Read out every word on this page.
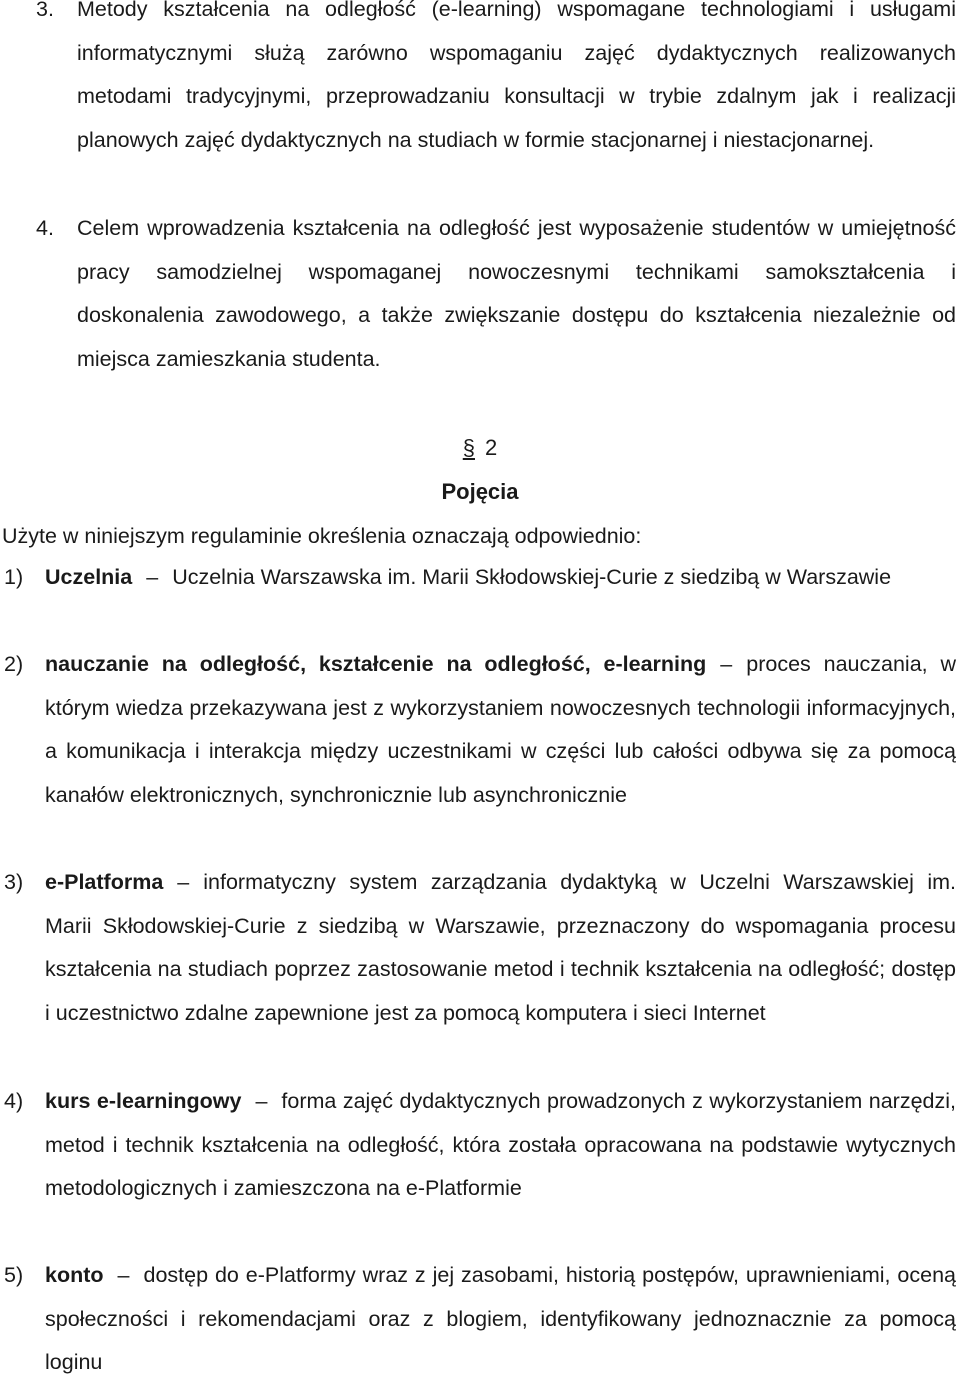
3. Metody kształcenia na odległość (e-learning) wspomagane technologiami i usługami informatycznymi służą zarówno wspomaganiu zajęć dydaktycznych realizowanych metodami tradycyjnymi, przeprowadzaniu konsultacji w trybie zdalnym jak i realizacji planowych zajęć dydaktycznych na studiach w formie stacjonarnej i niestacjonarnej.
4. Celem wprowadzenia kształcenia na odległość jest wyposażenie studentów w umiejętność pracy samodzielnej wspomaganej nowoczesnymi technikami samokształcenia i doskonalenia zawodowego, a także zwiększanie dostępu do kształcenia niezależnie od miejsca zamieszkania studenta.
§ 2
Pojęcia
Użyte w niniejszym regulaminie określenia oznaczają odpowiednio:
1) Uczelnia – Uczelnia Warszawska im. Marii Skłodowskiej-Curie z siedzibą w Warszawie
2) nauczanie na odległość, kształcenie na odległość, e-learning – proces nauczania, w którym wiedza przekazywana jest z wykorzystaniem nowoczesnych technologii informacyjnych, a komunikacja i interakcja między uczestnikami w części lub całości odbywa się za pomocą kanałów elektronicznych, synchronicznie lub asynchronicznie
3) e-Platforma – informatyczny system zarządzania dydaktyką w Uczelni Warszawskiej im. Marii Skłodowskiej-Curie z siedzibą w Warszawie, przeznaczony do wspomagania procesu kształcenia na studiach poprzez zastosowanie metod i technik kształcenia na odległość; dostęp i uczestnictwo zdalne zapewnione jest za pomocą komputera i sieci Internet
4) kurs e-learningowy – forma zajęć dydaktycznych prowadzonych z wykorzystaniem narzędzi, metod i technik kształcenia na odległość, która została opracowana na podstawie wytycznych metodologicznych i zamieszczona na e-Platformie
5) konto – dostęp do e-Platformy wraz z jej zasobami, historią postępów, uprawnieniami, oceną społeczności i rekomendacjami oraz z blogiem, identyfikowany jednoznacznie za pomocą loginu
